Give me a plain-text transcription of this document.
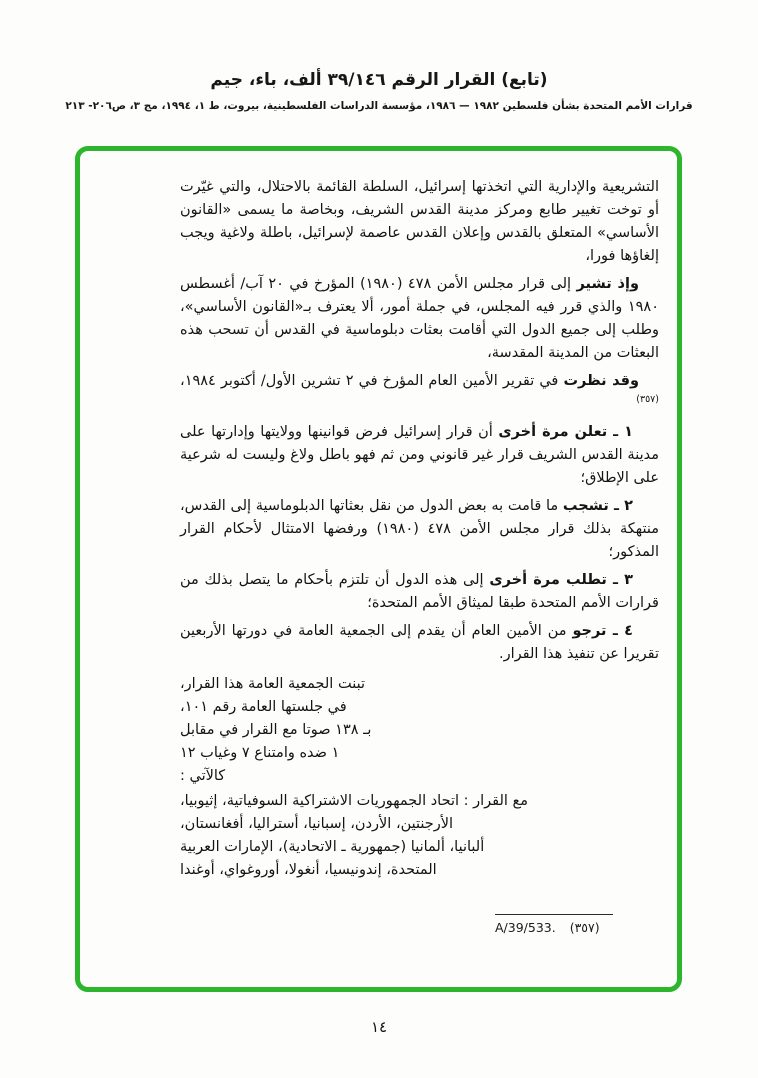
(تابع) القرار الرقم ٣٩/١٤٦ ألف، باء، جيم
قرارات الأمم المتحدة بشأن فلسطين ١٩٨٢ — ١٩٨٦، مؤسسة الدراسات الفلسطينية، بيروت، ط ١، ١٩٩٤، مج ٣، ص٢٠٦- ٢١٣
التشريعية والإدارية التي اتخذتها إسرائيل، السلطة القائمة بالاحتلال، والتي غيّرت أو توخت تغيير طابع ومركز مدينة القدس الشريف، وبخاصة ما يسمى «القانون الأساسي» المتعلق بالقدس وإعلان القدس عاصمة لإسرائيل، باطلة ولاغية ويجب إلغاؤها فورا،
وإذ تشير إلى قرار مجلس الأمن ٤٧٨ (١٩٨٠) المؤرخ في ٢٠ آب/ أغسطس ١٩٨٠ والذي قرر فيه المجلس، في جملة أمور، ألا يعترف بـ«القانون الأساسي»، وطلب إلى جميع الدول التي أقامت بعثات دبلوماسية في القدس أن تسحب هذه البعثات من المدينة المقدسة،
وقد نظرت في تقرير الأمين العام المؤرخ في ٢ تشرين الأول/ أكتوبر ١٩٨٤، $^{(٣٥٧)}$
١ ـ تعلن مرة أخرى أن قرار إسرائيل فرض قوانينها وولايتها وإدارتها على مدينة القدس الشريف قرار غير قانوني ومن ثم فهو باطل ولاغ وليست له شرعية على الإطلاق؛
٢ ـ تشجب ما قامت به بعض الدول من نقل بعثاتها الدبلوماسية إلى القدس، منتهكة بذلك قرار مجلس الأمن ٤٧٨ (١٩٨٠) ورفضها الامتثال لأحكام القرار المذكور؛
٣ ـ تطلب مرة أخرى إلى هذه الدول أن تلتزم بأحكام ما يتصل بذلك من قرارات الأمم المتحدة طبقا لميثاق الأمم المتحدة؛
٤ ـ ترجو من الأمين العام أن يقدم إلى الجمعية العامة في دورتها الأربعين تقريرا عن تنفيذ هذا القرار.
تبنت الجمعية العامة هذا القرار،
في جلستها العامة رقم ١٠١،
بـ ١٣٨ صوتا مع القرار في مقابل
١ ضده وامتناع ٧ وغياب ١٢
كالآتي :
مع القرار : اتحاد الجمهوريات الاشتراكية السوفياتية، إثيوبيا،
الأرجنتين، الأردن، إسبانيا، أستراليا، أفغانستان،
ألبانيا، ألمانيا (جمهورية ـ الاتحادية)، الإمارات العربية
المتحدة، إندونيسيا، أنغولا، أوروغواي، أوغندا
A/39/533. (٣٥٧)
١٤
